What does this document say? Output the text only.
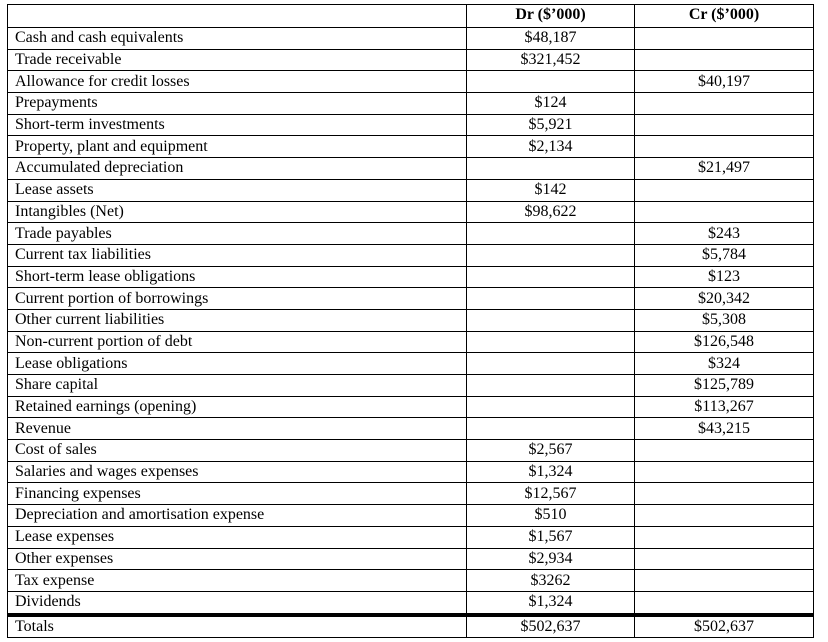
	Dr ($’000)	Cr ($’000)
Cash and cash equivalents	$48,187	
Trade receivable	$321,452	
Allowance for credit losses		$40,197
Prepayments	$124	
Short-term investments	$5,921	
Property, plant and equipment	$2,134	
Accumulated depreciation		$21,497
Lease assets	$142	
Intangibles (Net)	$98,622	
Trade payables		$243
Current tax liabilities		$5,784
Short-term lease obligations		$123
Current portion of borrowings		$20,342
Other current liabilities		$5,308
Non-current portion of debt		$126,548
Lease obligations		$324
Share capital		$125,789
Retained earnings (opening)		$113,267
Revenue		$43,215
Cost of sales	$2,567	
Salaries and wages expenses	$1,324	
Financing expenses	$12,567	
Depreciation and amortisation expense	$510	
Lease expenses	$1,567	
Other expenses	$2,934	
Tax expense	$3262	
Dividends	$1,324	
Totals	$502,637	$502,637
